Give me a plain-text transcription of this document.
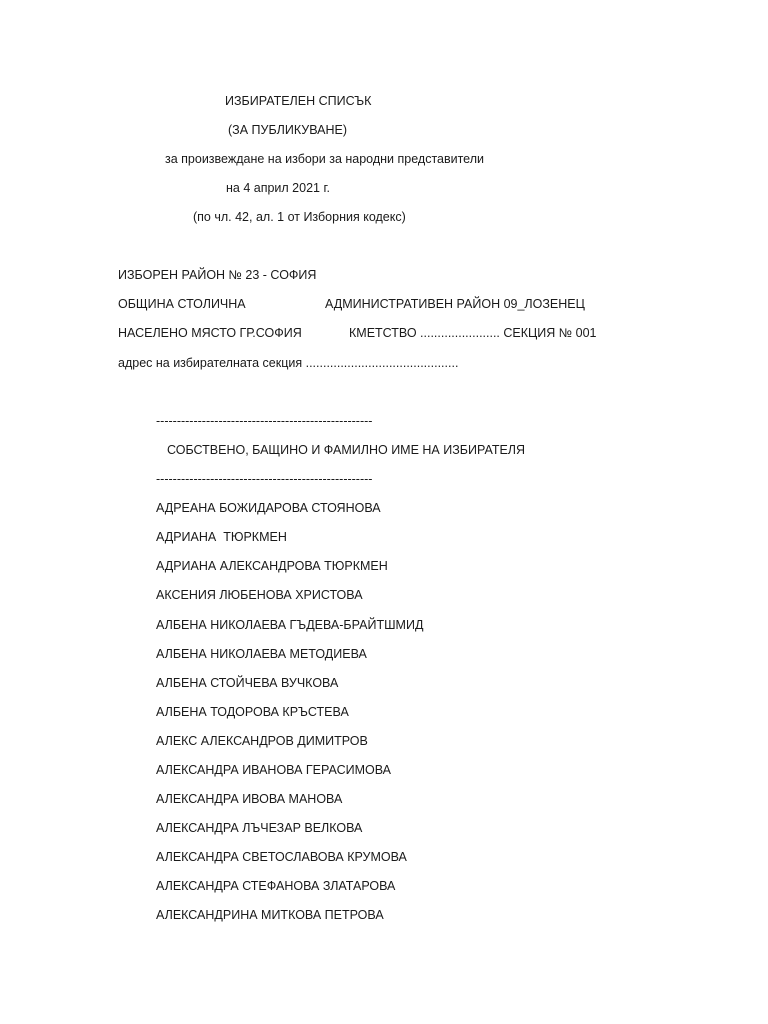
ИЗБИРАТЕЛЕН СПИСЪК
(ЗА ПУБЛИКУВАНЕ)
за произвеждане на избори за народни представители
на 4 април 2021 г.
(по чл. 42, ал. 1 от Изборния кодекс)
ИЗБОРЕН РАЙОН № 23 - СОФИЯ
ОБЩИНА СТОЛИЧНА	АДМИНИСТРАТИВЕН РАЙОН 09_ЛОЗЕНЕЦ
НАСЕЛЕНО МЯСТО ГР.СОФИЯ	КМЕТСТВО ....................... СЕКЦИЯ № 001
адрес на избирателната секция ............................................
----------------------------------------------------
СОБСТВЕНО, БАЩИНО И ФАМИЛНО ИМЕ НА ИЗБИРАТЕЛЯ
----------------------------------------------------
АДРЕАНА БОЖИДАРОВА СТОЯНОВА
АДРИАНА  ТЮРКМЕН
АДРИАНА АЛЕКСАНДРОВА ТЮРКМЕН
АКСЕНИЯ ЛЮБЕНОВА ХРИСТОВА
АЛБЕНА НИКОЛАЕВА ГЪДЕВА-БРАЙТШМИД
АЛБЕНА НИКОЛАЕВА МЕТОДИЕВА
АЛБЕНА СТОЙЧЕВА ВУЧКОВА
АЛБЕНА ТОДОРОВА КРЪСТЕВА
АЛЕКС АЛЕКСАНДРОВ ДИМИТРОВ
АЛЕКСАНДРА ИВАНОВА ГЕРАСИМОВА
АЛЕКСАНДРА ИВОВА МАНОВА
АЛЕКСАНДРА ЛЪЧЕЗАР ВЕЛКОВА
АЛЕКСАНДРА СВЕТОСЛАВОВА КРУМОВА
АЛЕКСАНДРА СТЕФАНОВА ЗЛАТАРОВА
АЛЕКСАНДРИНА МИТКОВА ПЕТРОВА
